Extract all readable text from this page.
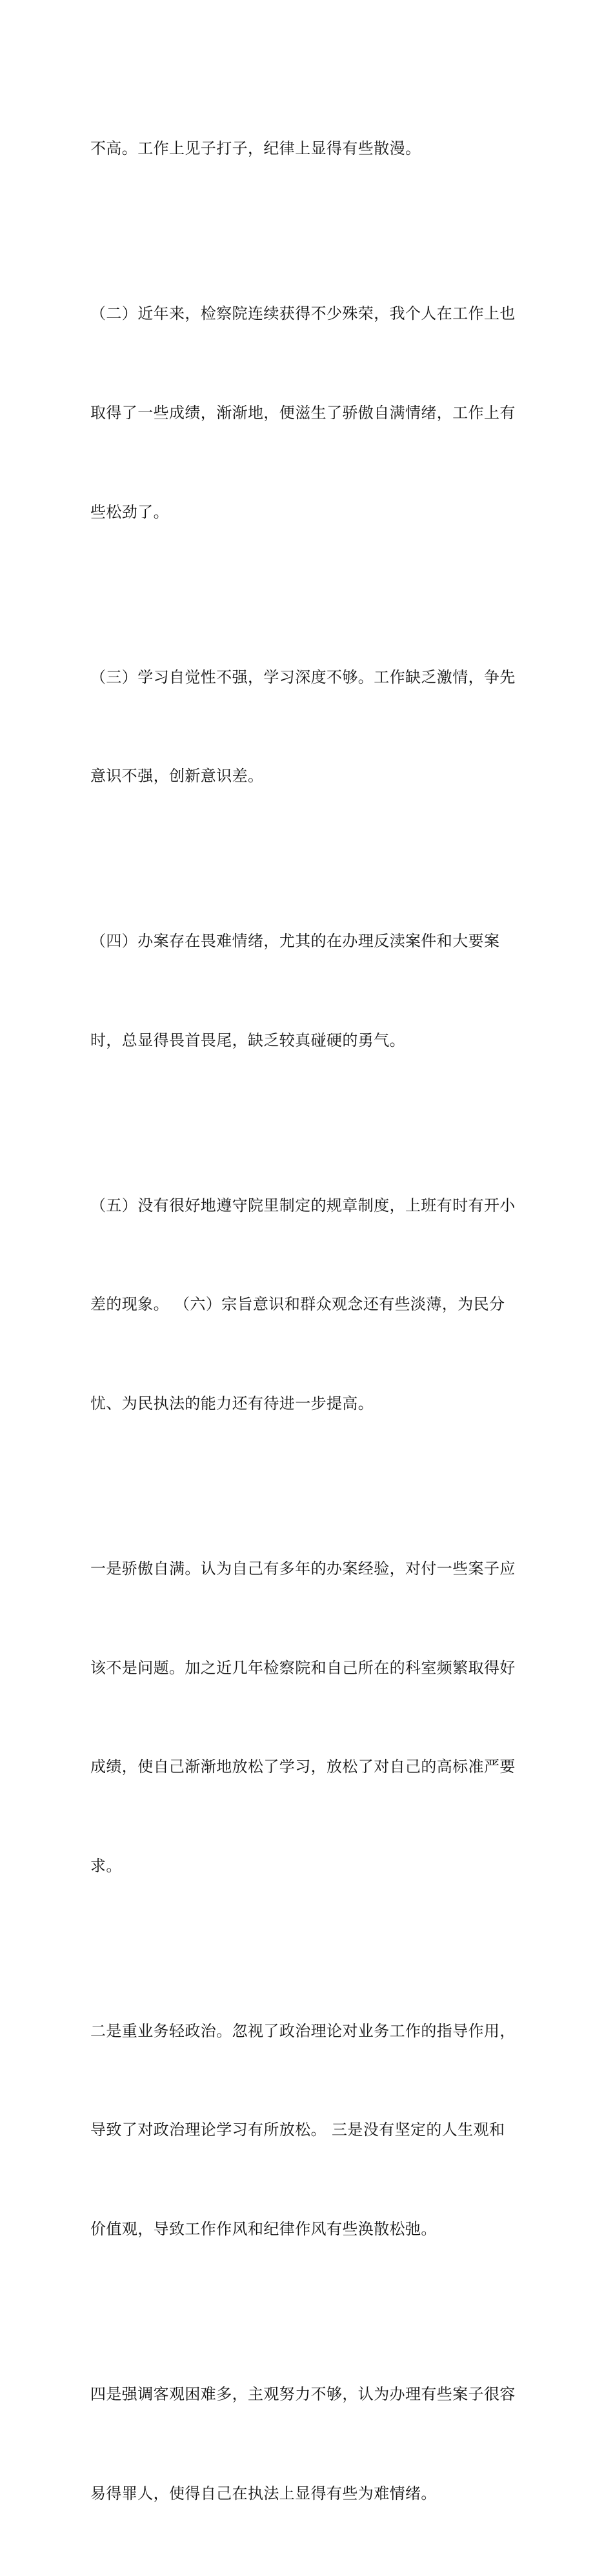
不高。工作上见子打子，纪律上显得有些散漫。

（二）近年来，检察院连续获得不少殊荣，我个人在工作上也

取得了一些成绩，渐渐地，便滋生了骄傲自满情绪，工作上有

些松劲了。

（三）学习自觉性不强，学习深度不够。工作缺乏激情，争先

意识不强，创新意识差。

（四）办案存在畏难情绪，尤其的在办理反渎案件和大要案

时，总显得畏首畏尾，缺乏较真碰硬的勇气。

（五）没有很好地遵守院里制定的规章制度，上班有时有开小

差的现象。 （六）宗旨意识和群众观念还有些淡薄，为民分

忧、为民执法的能力还有待进一步提高。

一是骄傲自满。认为自己有多年的办案经验，对付一些案子应

该不是问题。加之近几年检察院和自己所在的科室频繁取得好

成绩，使自己渐渐地放松了学习，放松了对自己的高标准严要

求。

二是重业务轻政治。忽视了政治理论对业务工作的指导作用，

导致了对政治理论学习有所放松。 三是没有坚定的人生观和

价值观，导致工作作风和纪律作风有些涣散松弛。

四是强调客观困难多，主观努力不够，认为办理有些案子很容

易得罪人，使得自己在执法上显得有些为难情绪。
